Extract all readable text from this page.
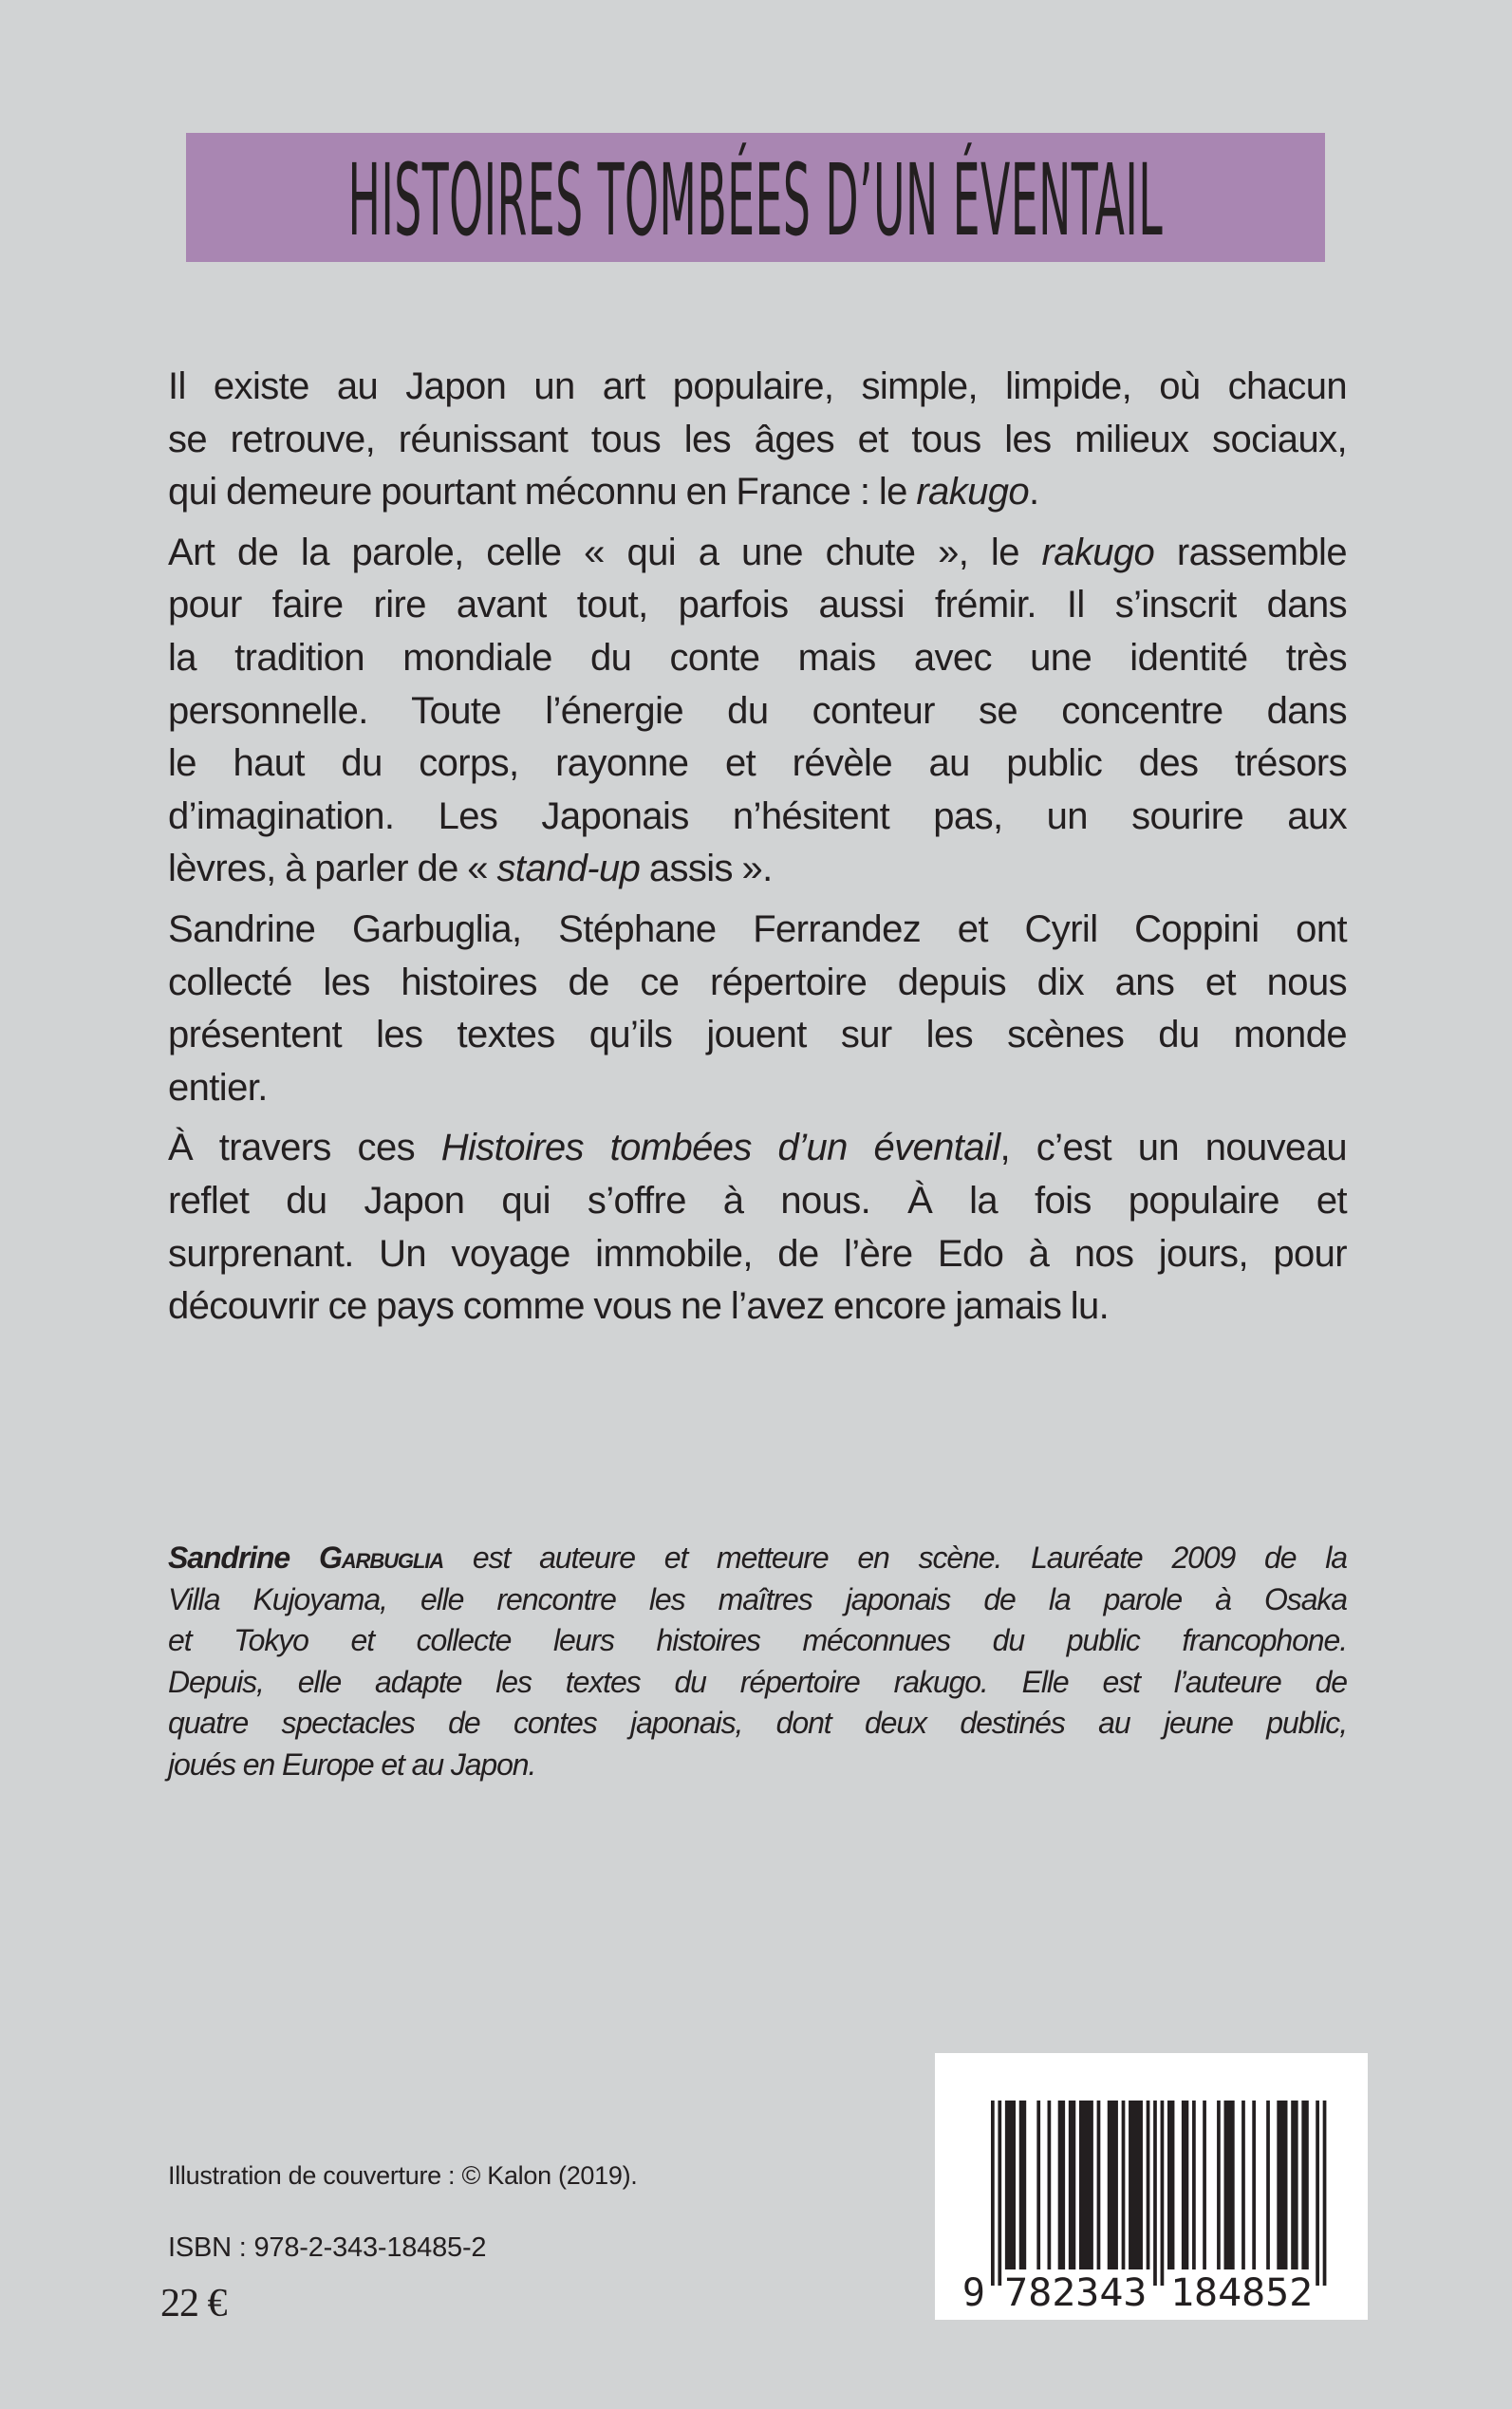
HISTOIRES TOMBÉES D’UN ÉVENTAIL
Il existe au Japon un art populaire, simple, limpide, où chacun
se retrouve, réunissant tous les âges et tous les milieux sociaux,
qui demeure pourtant méconnu en France : le rakugo.
Art de la parole, celle « qui a une chute », le rakugo rassemble
pour faire rire avant tout, parfois aussi frémir. Il s’inscrit dans
la tradition mondiale du conte mais avec une identité très
personnelle. Toute l’énergie du conteur se concentre dans
le haut du corps, rayonne et révèle au public des trésors
d’imagination. Les Japonais n’hésitent pas, un sourire aux
lèvres, à parler de « stand-up assis ».
Sandrine Garbuglia, Stéphane Ferrandez et Cyril Coppini ont
collecté les histoires de ce répertoire depuis dix ans et nous
présentent les textes qu’ils jouent sur les scènes du monde
entier.
À travers ces Histoires tombées d’un éventail, c’est un nouveau
reflet du Japon qui s’offre à nous. À la fois populaire et
surprenant. Un voyage immobile, de l’ère Edo à nos jours, pour
découvrir ce pays comme vous ne l’avez encore jamais lu.
Sandrine Garbuglia est auteure et metteure en scène. Lauréate 2009 de la
Villa Kujoyama, elle rencontre les maîtres japonais de la parole à Osaka
et Tokyo et collecte leurs histoires méconnues du public francophone.
Depuis, elle adapte les textes du répertoire rakugo. Elle est l’auteure de
quatre spectacles de contes japonais, dont deux destinés au jeune public,
joués en Europe et au Japon.
Illustration de couverture : © Kalon (2019).
ISBN : 978-2-343-18485-2
22 €	9 782343 184852
